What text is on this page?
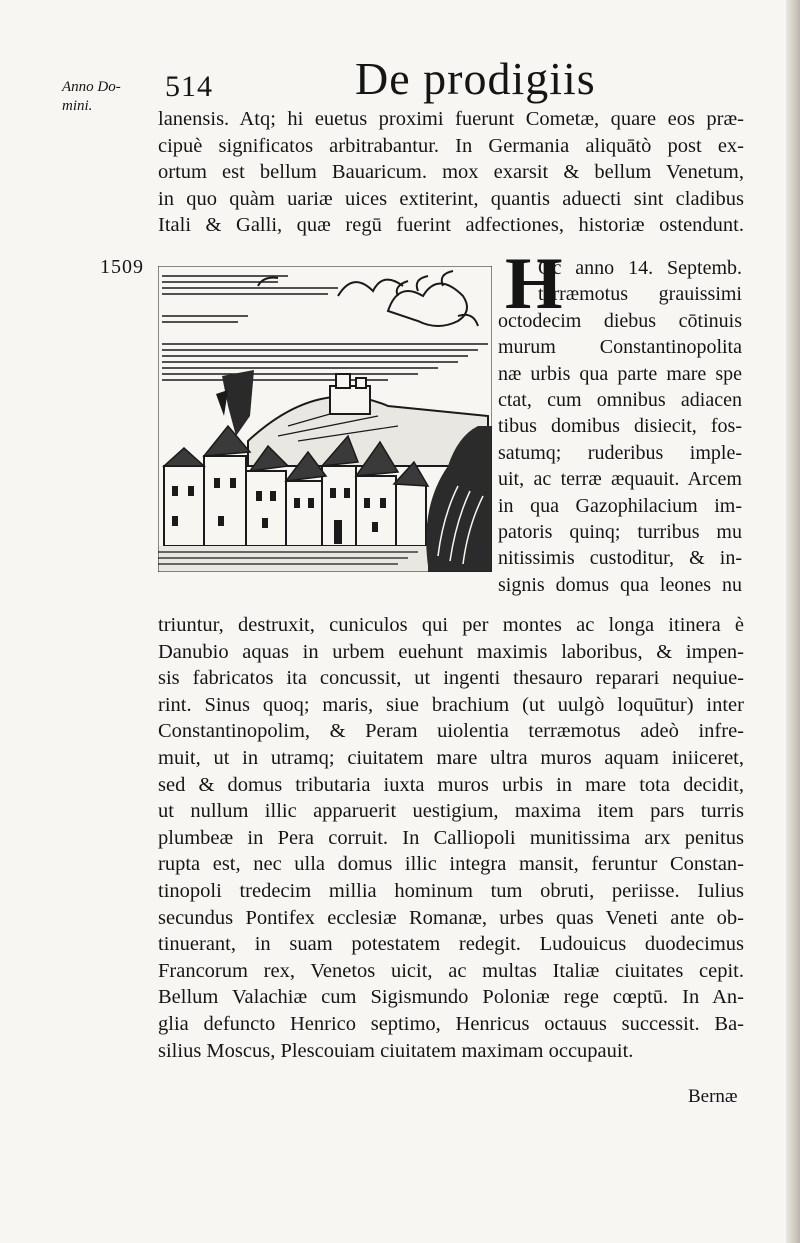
Anno Do-
mini.
514	De prodigiis
lanensis. Atq; hi euetus proximi fuerunt Cometæ, quare eos præ-
cipuè significatos arbitrabantur. In Germania aliquātò post ex-
ortum est bellum Bauaricum. mox exarsit & bellum Venetum,
in quo quàm uariæ uices extiterint, quantis aduecti sint cladibus
Itali & Galli, quæ regū fuerint adfectiones, historiæ ostendunt.
1509	H
Oc anno 14. Septemb.
terræmotus grauissimi
octodecim diebus cōtinuis
murum Constantinopolita
næ urbis qua parte mare spe
ctat, cum omnibus adiacen
tibus domibus disiecit, fos-
satumq; ruderibus imple-
uit, ac terræ æquauit. Arcem
in qua Gazophilacium im-
patoris quinq; turribus mu
nitissimis custoditur, & in-
signis domus qua leones nu
triuntur, destruxit, cuniculos qui per montes ac longa itinera è
Danubio aquas in urbem euehunt maximis laboribus, & impen-
sis fabricatos ita concussit, ut ingenti thesauro reparari nequiue-
rint. Sinus quoq; maris, siue brachium (ut uulgò loquūtur) inter
Constantinopolim, & Peram uiolentia terræmotus adeò infre-
muit, ut in utramq; ciuitatem mare ultra muros aquam iniiceret,
sed & domus tributaria iuxta muros urbis in mare tota decidit,
ut nullum illic apparuerit uestigium, maxima item pars turris
plumbeæ in Pera corruit. In Calliopoli munitissima arx penitus
rupta est, nec ulla domus illic integra mansit, feruntur Constan-
tinopoli tredecim millia hominum tum obruti, periisse. Iulius
secundus Pontifex ecclesiæ Romanæ, urbes quas Veneti ante ob-
tinuerant, in suam potestatem redegit. Ludouicus duodecimus
Francorum rex, Venetos uicit, ac multas Italiæ ciuitates cepit.
Bellum Valachiæ cum Sigismundo Poloniæ rege cœptū. In An-
glia defuncto Henrico septimo, Henricus octauus successit. Ba-
silius Moscus, Plescouiam ciuitatem maximam occupauit.
Bernæ
